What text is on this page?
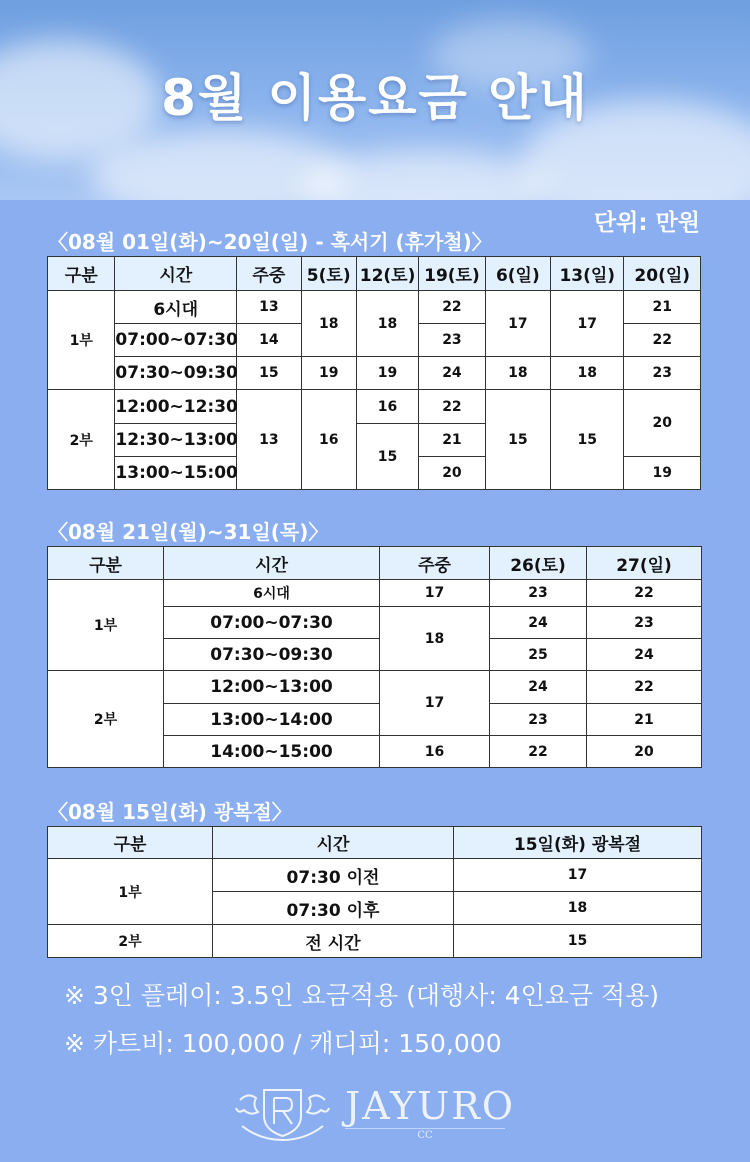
8월 이용요금 안내
단위: 만원
〈08월 01일(화)~20일(일) - 혹서기 (휴가철)〉
구분	시간	주중	5(토)	12(토)	19(토)	6(일)	13(일)	20(일)
1부	6시대	13	18	18	22	17	17	21
	07:00~07:30	14			23			22
	07:30~09:30	15	19	19	24	18	18	23
2부	12:00~12:30	13	16	16	22	15	15	20
	12:30~13:00			15	21			
	13:00~15:00				20			19
〈08월 21일(월)~31일(목)〉
구분	시간	주중	26(토)	27(일)
1부	6시대	17	23	22
	07:00~07:30	18	24	23
	07:30~09:30		25	24
2부	12:00~13:00	17	24	22
	13:00~14:00		23	21
	14:00~15:00	16	22	20
〈08월 15일(화) 광복절〉
구분	시간	15일(화) 광복절
1부	07:30 이전	17
	07:30 이후	18
2부	전 시간	15
※ 3인 플레이: 3.5인 요금적용 (대행사: 4인요금 적용)
※ 카트비: 100,000 / 캐디피: 150,000
JAYURO
CC
